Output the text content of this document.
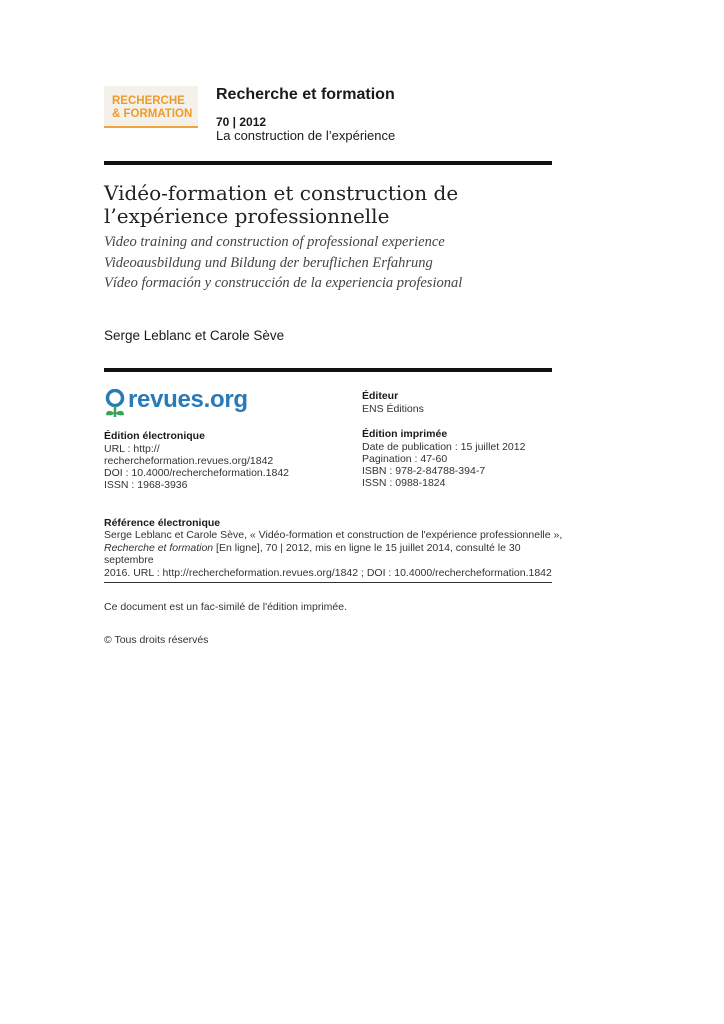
RECHERCHE
& FORMATION
Recherche et formation
70 | 2012
La construction de l’expérience
Vidéo-formation et construction de l’expérience professionnelle
Video training and construction of professional experience
Videoausbildung und Bildung der beruflichen Erfahrung
Vídeo formación y construcción de la experiencia profesional
Serge Leblanc et Carole Sève
revues.org
Édition électronique
URL : http://
rechercheformation.revues.org/1842
DOI : 10.4000/rechercheformation.1842
ISSN : 1968-3936
Éditeur
ENS Éditions
Édition imprimée
Date de publication : 15 juillet 2012
Pagination : 47-60
ISBN : 978-2-84788-394-7
ISSN : 0988-1824
Référence électronique
Serge Leblanc et Carole Sève, « Vidéo-formation et construction de l'expérience professionnelle »,
Recherche et formation [En ligne], 70 | 2012, mis en ligne le 15 juillet 2014, consulté le 30 septembre
2016. URL : http://rechercheformation.revues.org/1842 ; DOI : 10.4000/rechercheformation.1842
Ce document est un fac-similé de l'édition imprimée.
© Tous droits réservés
